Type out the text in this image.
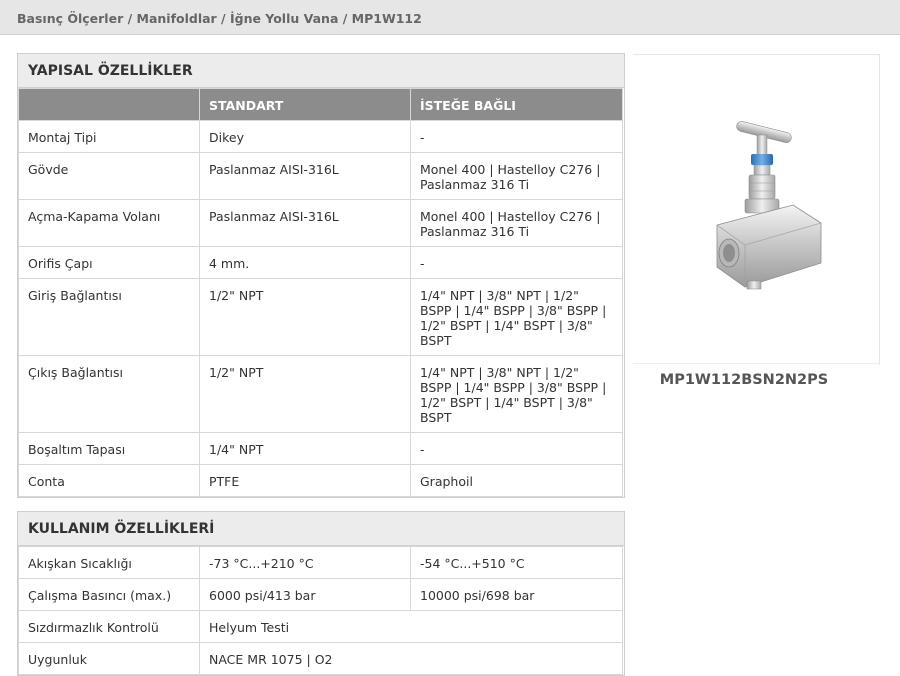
Basınç Ölçerler / Manifoldlar / İğne Yollu Vana / MP1W112
YAPISAL ÖZELLİKLER
	STANDART	İSTEĞE BAĞLI
Montaj Tipi	Dikey	-
Gövde	Paslanmaz AISI-316L	Monel 400 | Hastelloy C276 | Paslanmaz 316 Ti
Açma-Kapama Volanı	Paslanmaz AISI-316L	Monel 400 | Hastelloy C276 | Paslanmaz 316 Ti
Orifis Çapı	4 mm.	-
Giriş Bağlantısı	1/2" NPT	1/4" NPT | 3/8" NPT | 1/2" BSPP | 1/4" BSPP | 3/8" BSPP | 1/2" BSPT | 1/4" BSPT | 3/8" BSPT
Çıkış Bağlantısı	1/2" NPT	1/4" NPT | 3/8" NPT | 1/2" BSPP | 1/4" BSPP | 3/8" BSPP | 1/2" BSPT | 1/4" BSPT | 3/8" BSPT
Boşaltım Tapası	1/4" NPT	-
Conta	PTFE	Graphoil
KULLANIM ÖZELLİKLERİ
Akışkan Sıcaklığı	-73 °C...+210 °C	-54 °C...+510 °C
Çalışma Basıncı (max.)	6000 psi/413 bar	10000 psi/698 bar
Sızdırmazlık Kontrolü	Helyum Testi	
Uygunluk	NACE MR 1075 | O2	
MP1W112BSN2N2PS
